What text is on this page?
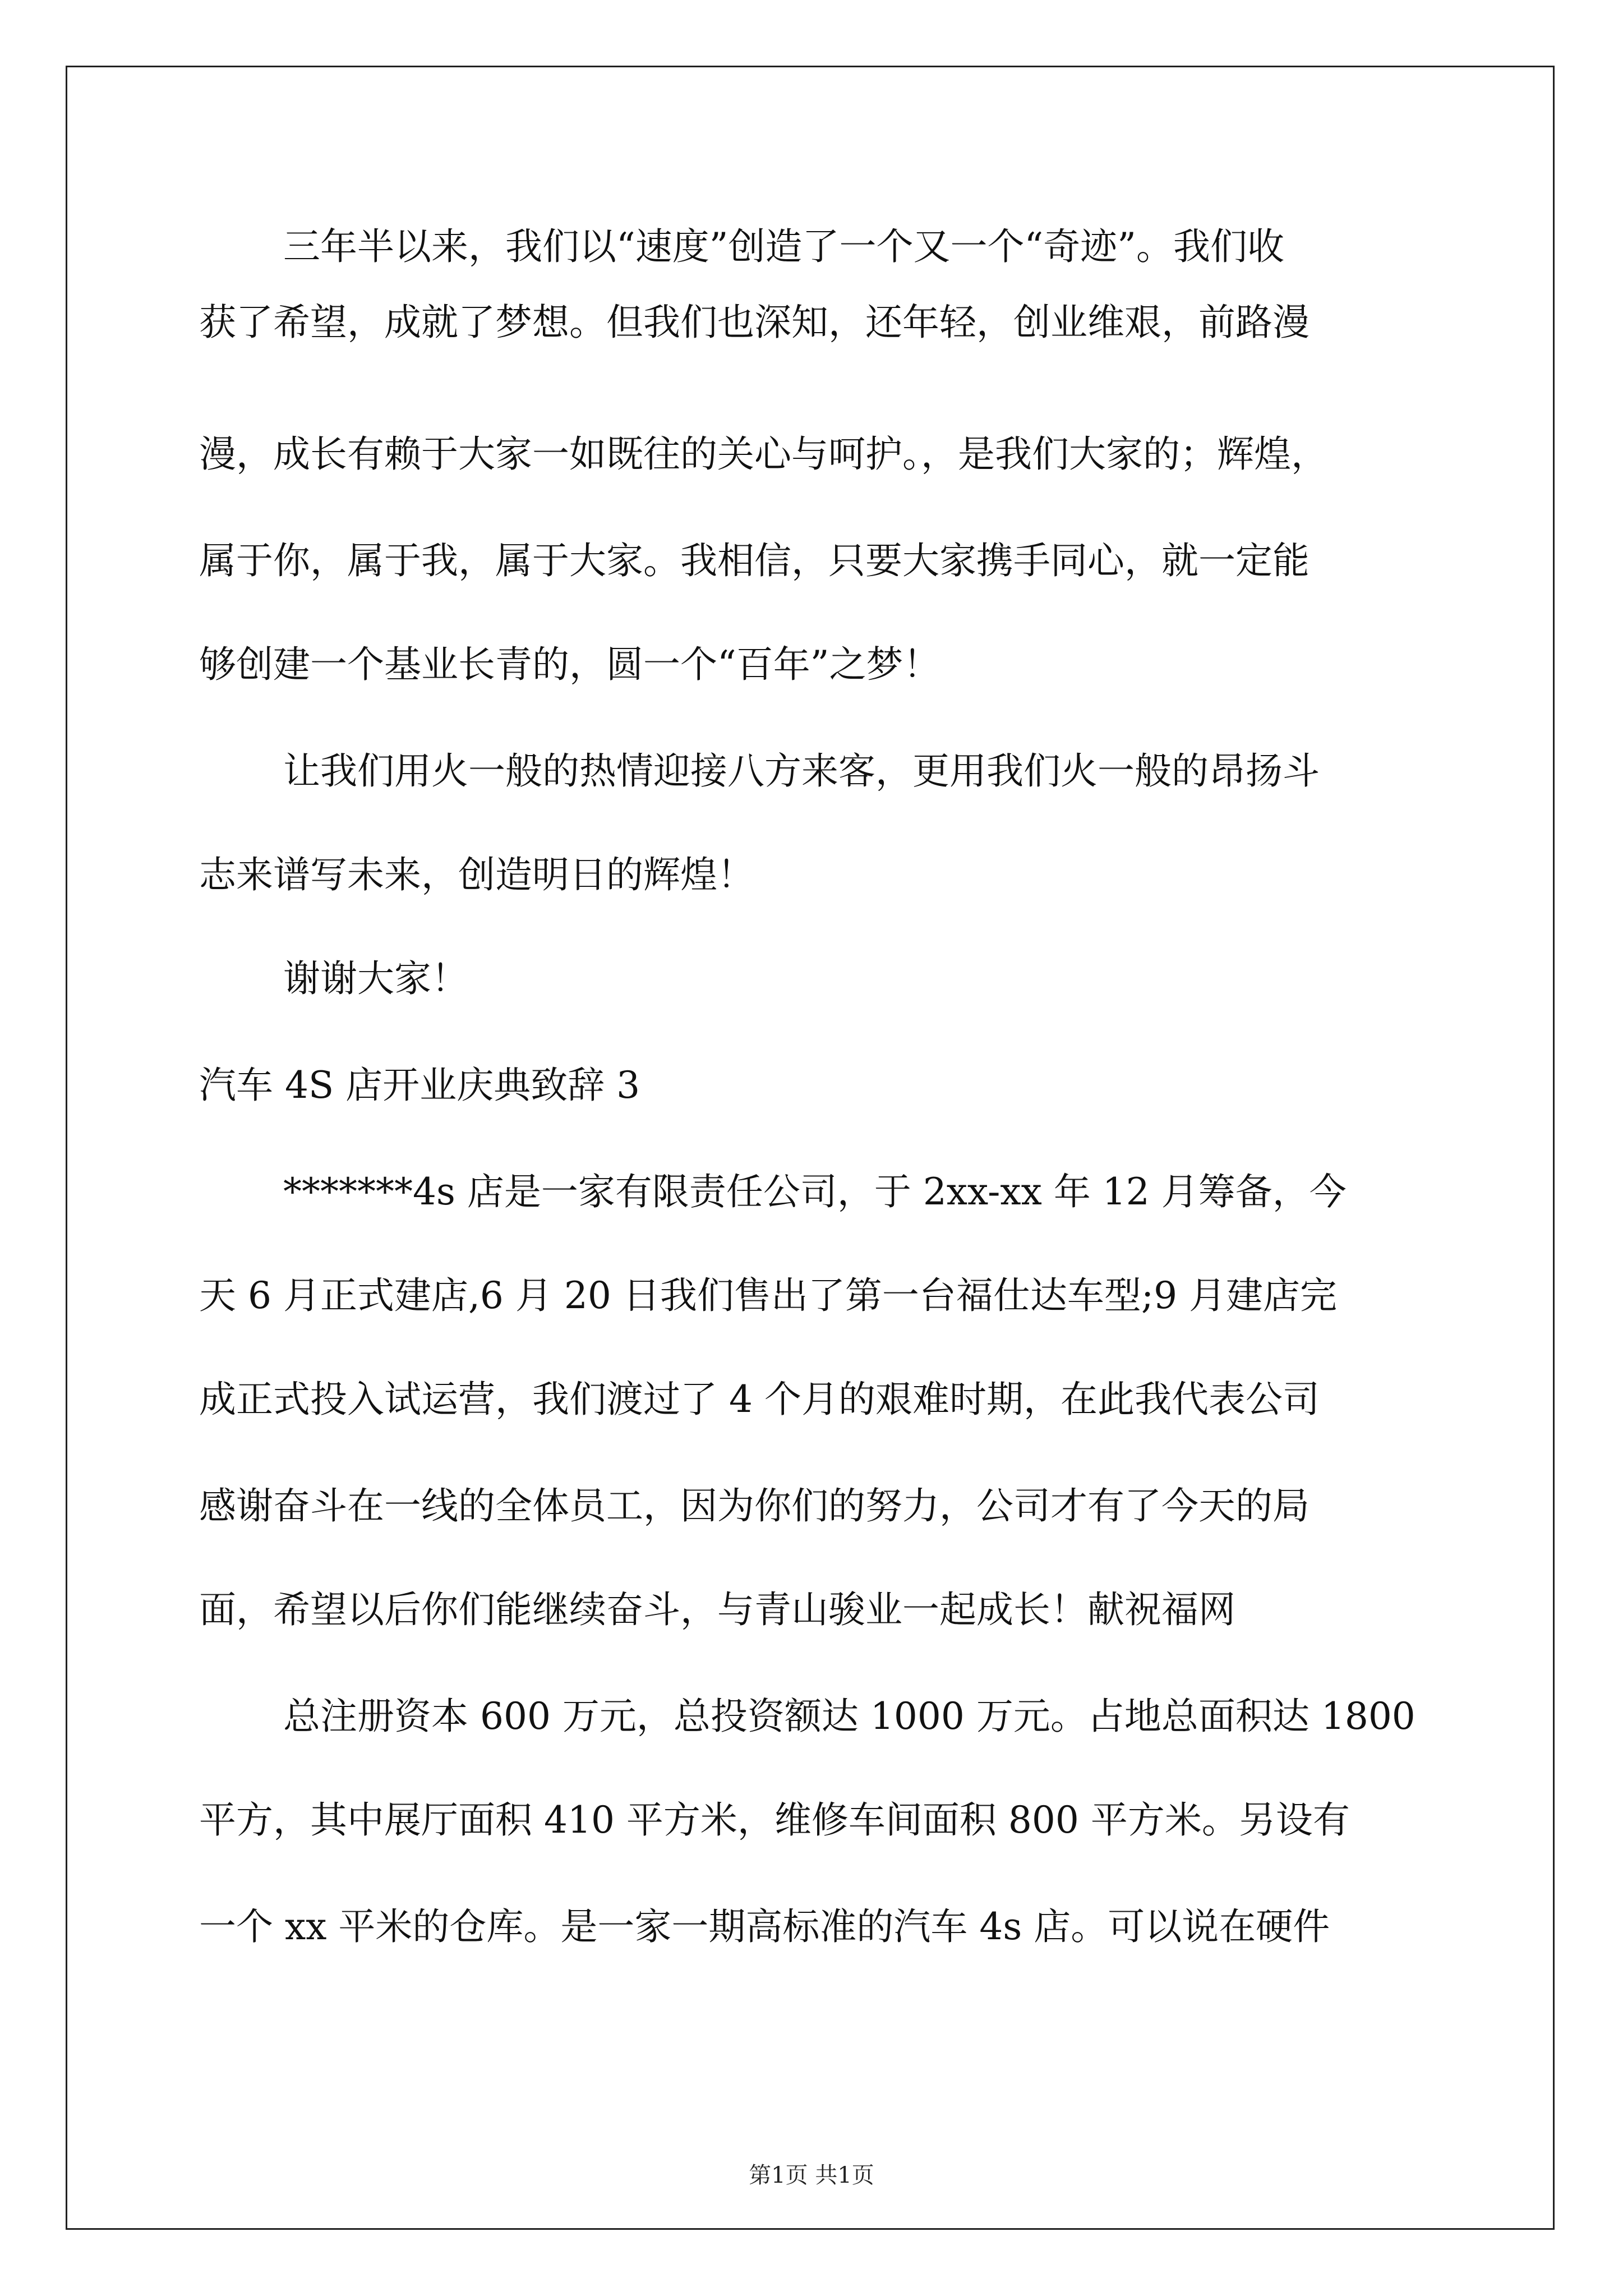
三年半以来，我们以“速度”创造了一个又一个“奇迹”。我们收
获了希望，成就了梦想。但我们也深知，还年轻，创业维艰，前路漫
漫，成长有赖于大家一如既往的关心与呵护。，是我们大家的；辉煌，
属于你，属于我，属于大家。我相信，只要大家携手同心，就一定能
够创建一个基业长青的，圆一个“百年”之梦！
让我们用火一般的热情迎接八方来客，更用我们火一般的昂扬斗
志来谱写未来，创造明日的辉煌！
谢谢大家！
汽车 4S 店开业庆典致辞 3
*******4s 店是一家有限责任公司，于 2xx-xx 年 12 月筹备，今
天 6 月正式建店,6 月 20 日我们售出了第一台福仕达车型;9 月建店完
成正式投入试运营，我们渡过了 4 个月的艰难时期，在此我代表公司
感谢奋斗在一线的全体员工，因为你们的努力，公司才有了今天的局
面，希望以后你们能继续奋斗，与青山骏业一起成长！献祝福网
总注册资本 600 万元，总投资额达 1000 万元。占地总面积达 1800
平方，其中展厅面积 410 平方米，维修车间面积 800 平方米。另设有
一个 xx 平米的仓库。是一家一期高标准的汽车 4s 店。可以说在硬件
第1页 共1页
